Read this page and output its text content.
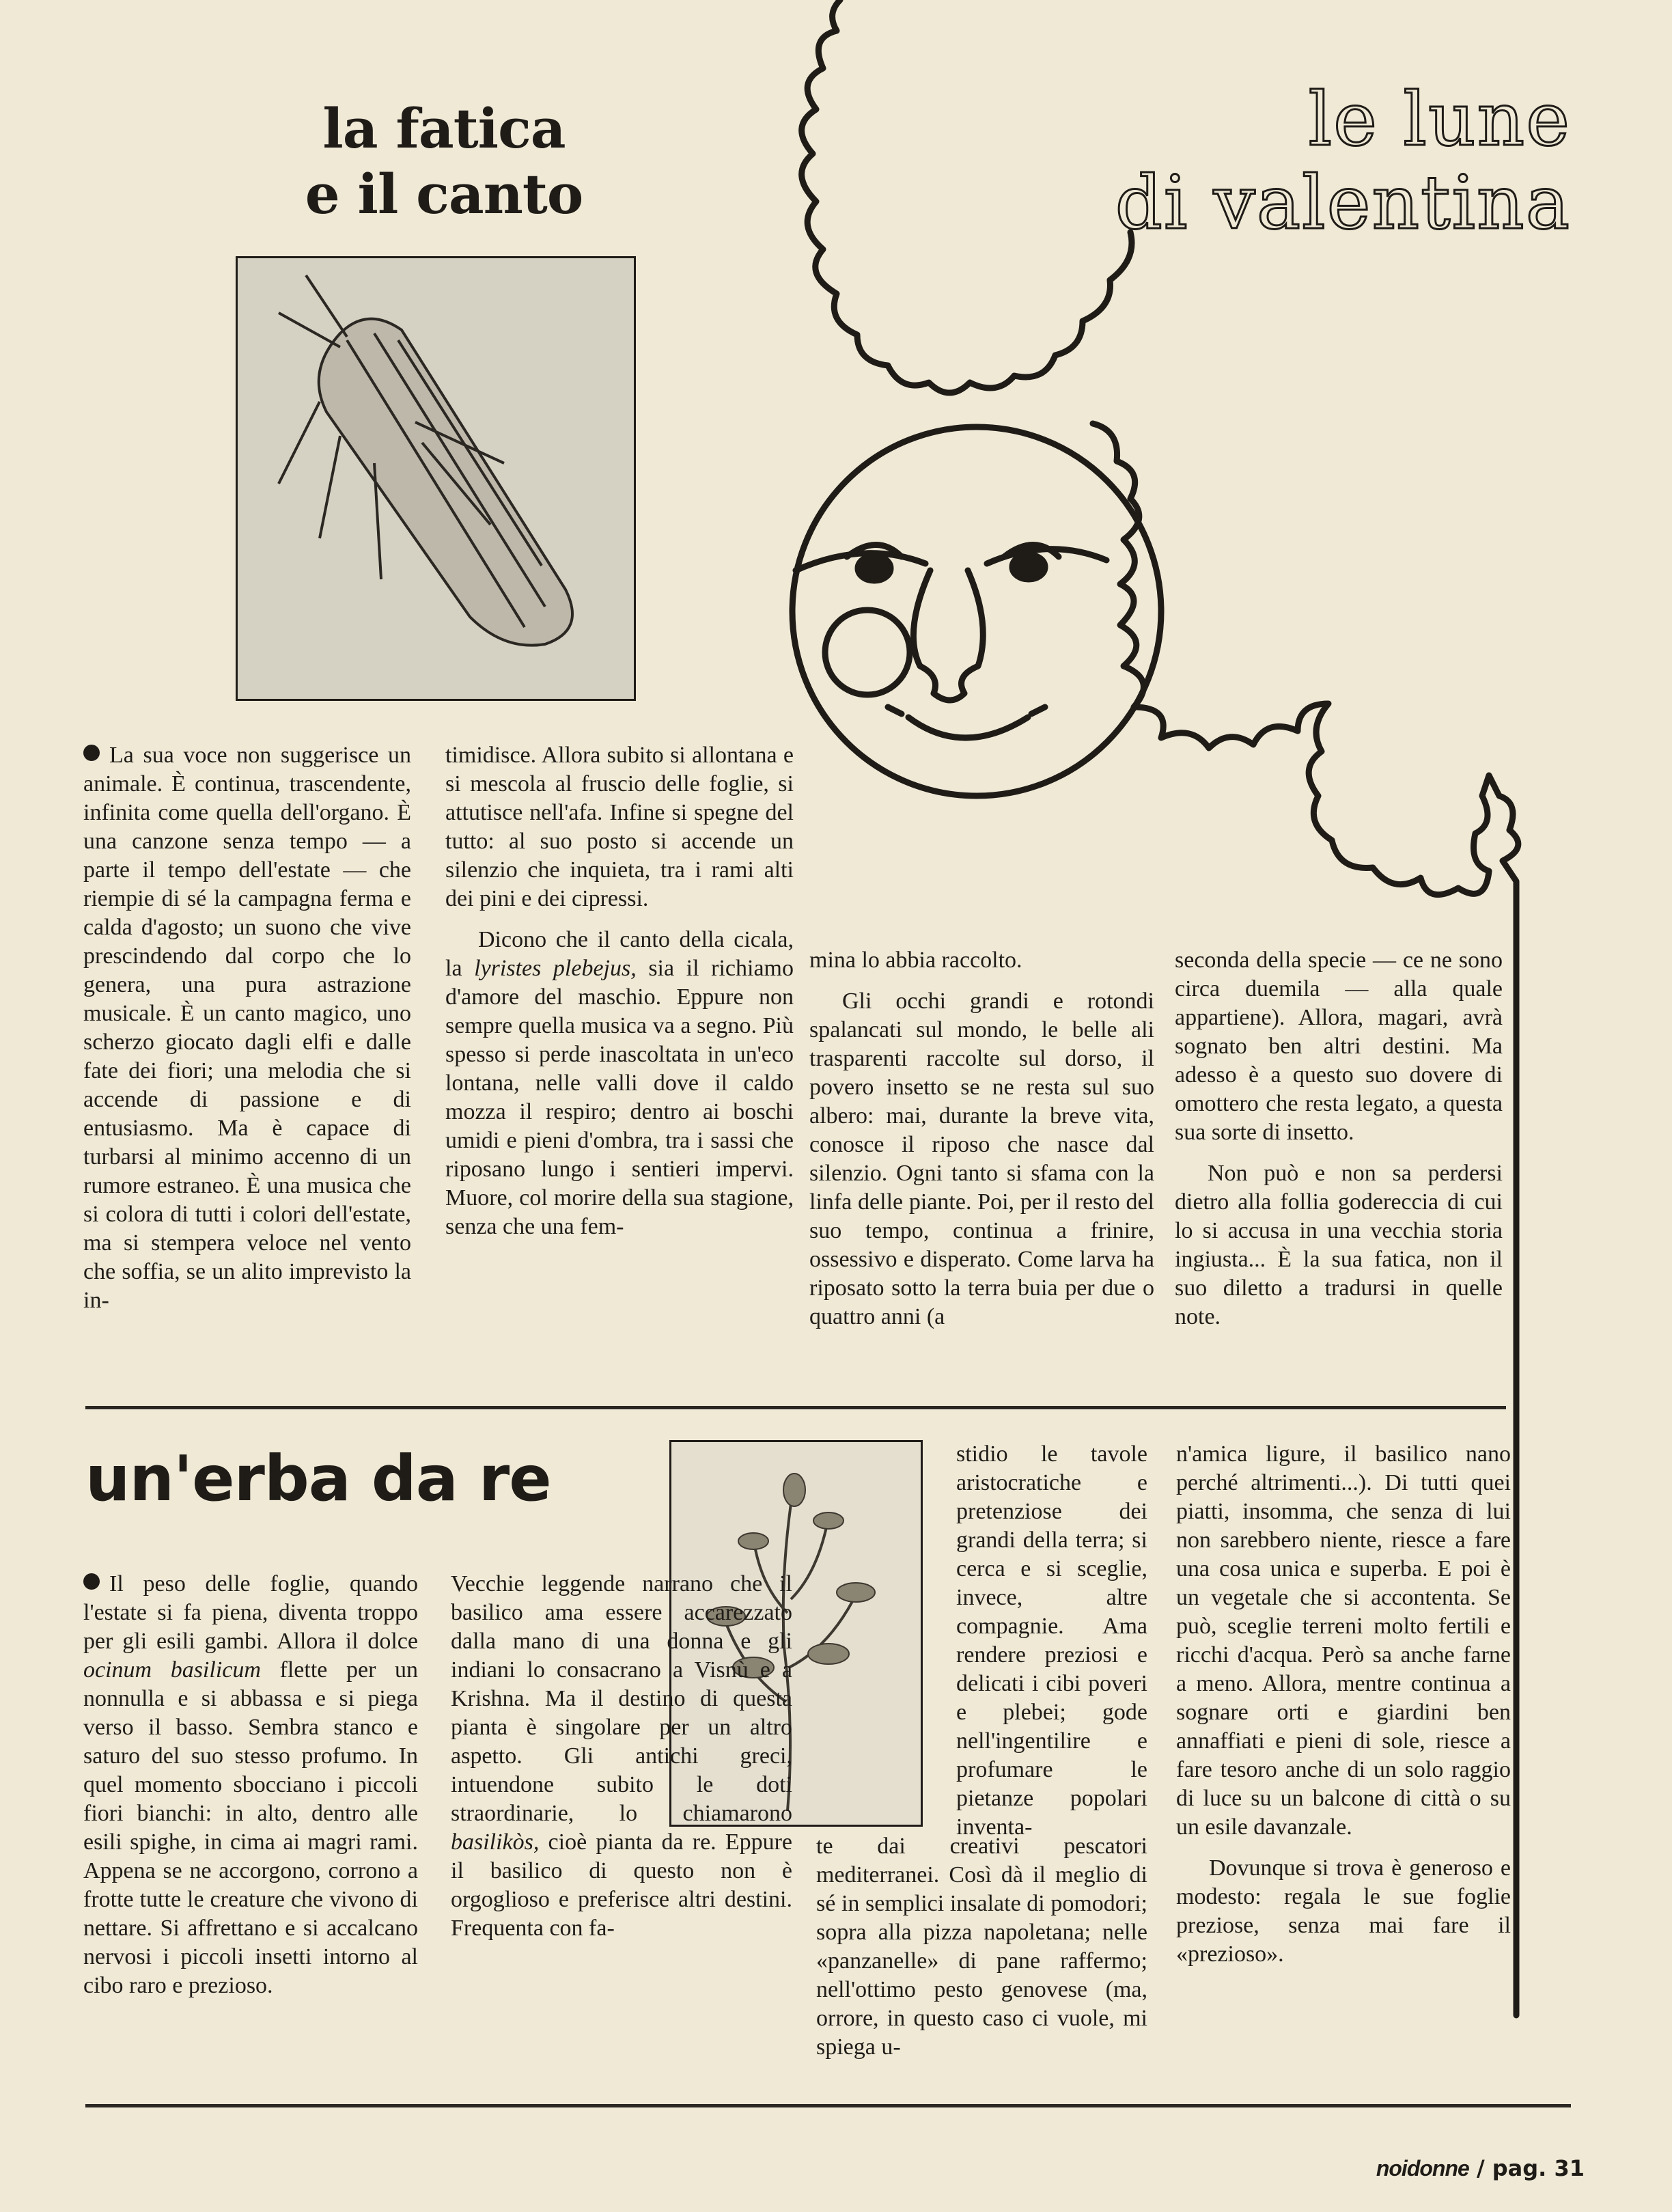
la fatica
e il canto

La sua voce non suggerisce un animale. È continua, trascendente, infinita come quella dell'organo. È una canzone senza tempo — a parte il tempo dell'estate — che riempie di sé la campagna ferma e calda d'agosto; un suono che vive prescindendo dal corpo che lo genera, una pura astrazione musicale. È un canto magico, uno scherzo giocato dagli elfi e dalle fate dei fiori; una melodia che si accende di passione e di entusiasmo. Ma è capace di turbarsi al minimo accenno di un rumore estraneo. È una musica che si colora di tutti i colori dell'estate, ma si stempera veloce nel vento che soffia, se un alito imprevisto la in-

timidisce. Allora subito si allontana e si mescola al fruscio delle foglie, si attutisce nell'afa. Infine si spegne del tutto: al suo posto si accende un silenzio che inquieta, tra i rami alti dei pini e dei cipressi.

Dicono che il canto della cicala, la lyristes plebejus, sia il richiamo d'amore del maschio. Eppure non sempre quella musica va a segno. Più spesso si perde inascoltata in un'eco lontana, nelle valli dove il caldo mozza il respiro; dentro ai boschi umidi e pieni d'ombra, tra i sassi che riposano lungo i sentieri impervi. Muore, col morire della sua stagione, senza che una fem-

mina lo abbia raccolto.

Gli occhi grandi e rotondi spalancati sul mondo, le belle ali trasparenti raccolte sul dorso, il povero insetto se ne resta sul suo albero: mai, durante la breve vita, conosce il riposo che nasce dal silenzio. Ogni tanto si sfama con la linfa delle piante. Poi, per il resto del suo tempo, continua a frinire, ossessivo e disperato. Come larva ha riposato sotto la terra buia per due o quattro anni (a

seconda della specie — ce ne sono circa duemila — alla quale appartiene). Allora, magari, avrà sognato ben altri destini. Ma adesso è a questo suo dovere di omottero che resta legato, a questa sua sorte di insetto.

Non può e non sa perdersi dietro alla follia godereccia di cui lo si accusa in una vecchia storia ingiusta... È la sua fatica, non il suo diletto a tradursi in quelle note.

le lune
di valentina
un'erba da re

Il peso delle foglie, quando l'estate si fa piena, diventa troppo per gli esili gambi. Allora il dolce ocinum basilicum flette per un nonnulla e si abbassa e si piega verso il basso. Sembra stanco e saturo del suo stesso profumo. In quel momento sbocciano i piccoli fiori bianchi: in alto, dentro alle esili spighe, in cima ai magri rami. Appena se ne accorgono, corrono a frotte tutte le creature che vivono di nettare. Si affrettano e si accalcano nervosi i piccoli insetti intorno al cibo raro e prezioso.

Vecchie leggende narrano che il basilico ama essere accarezzato dalla mano di una donna e gli indiani lo consacrano a Visnù e a Krishna. Ma il destino di questa pianta è singolare per un altro aspetto. Gli antichi greci, intuendone subito le doti straordinarie, lo chiamarono basilikòs, cioè pianta da re. Eppure il basilico di questo non è orgoglioso e preferisce altri destini. Frequenta con fa-

stidio le tavole aristocratiche e pretenziose dei grandi della terra; si cerca e si sceglie, invece, altre compagnie. Ama rendere preziosi e delicati i cibi poveri e plebei; gode nell'ingentilire e profumare le pietanze popolari inventa-

te dai creativi pescatori mediterranei. Così dà il meglio di sé in semplici insalate di pomodori; sopra alla pizza napoletana; nelle «panzanelle» di pane raffermo; nell'ottimo pesto genovese (ma, orrore, in questo caso ci vuole, mi spiega u-

n'amica ligure, il basilico nano perché altrimenti...). Di tutti quei piatti, insomma, che senza di lui non sarebbero niente, riesce a fare una cosa unica e superba. E poi è un vegetale che si accontenta. Se può, sceglie terreni molto fertili e ricchi d'acqua. Però sa anche farne a meno. Allora, mentre continua a sognare orti e giardini ben annaffiati e pieni di sole, riesce a fare tesoro anche di un solo raggio di luce su un balcone di città o su un esile davanzale.

Dovunque si trova è generoso e modesto: regala le sue foglie preziose, senza mai fare il «prezioso».

noidonne / pag. 31
